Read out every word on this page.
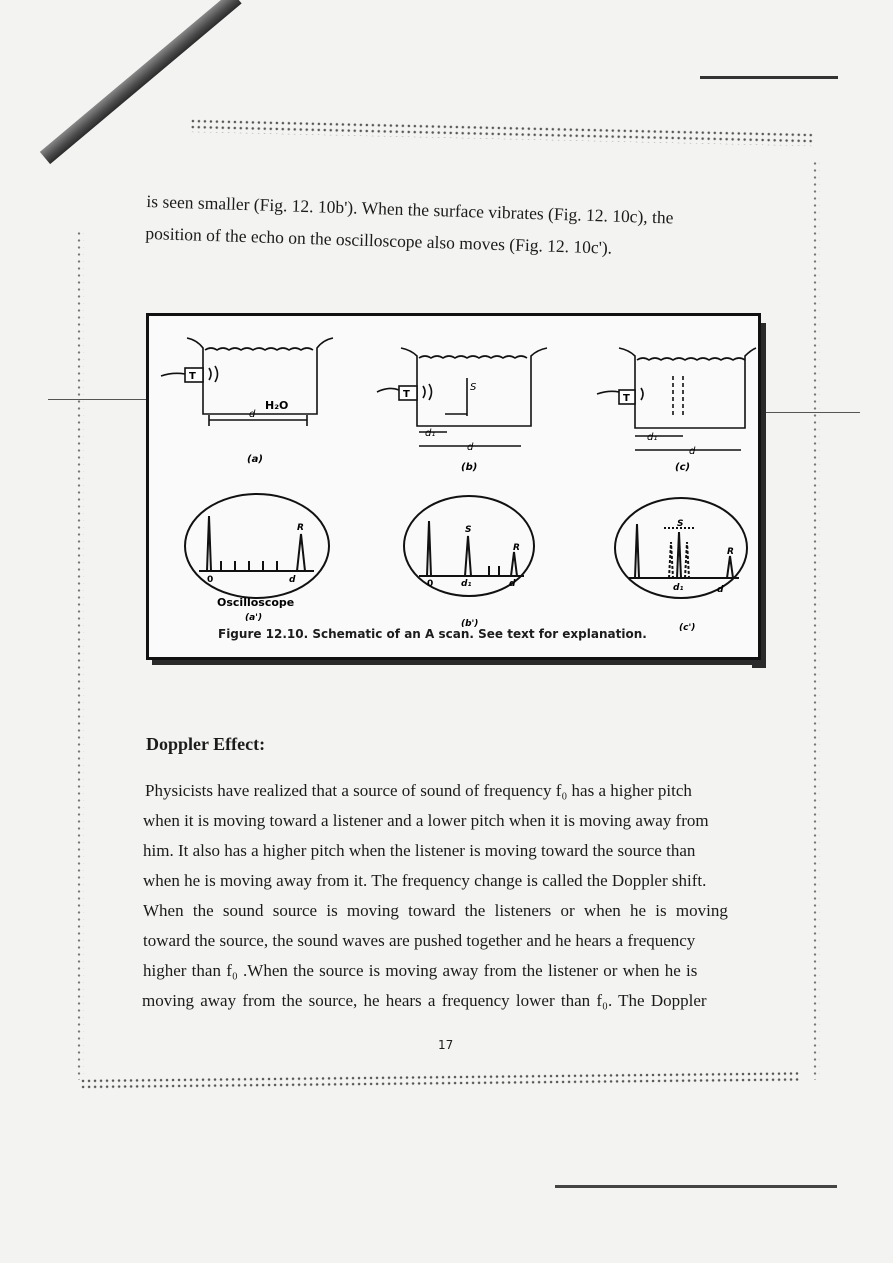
is seen smaller (Fig. 12. 10b'). When the surface vibrates (Fig. 12. 10c), the
position of the echo on the oscilloscope also moves (Fig. 12. 10c').
d
T
H₂O
S
d₁
d
T
d₁
d
T
(a)
(b)	(c)
R
0	d
S
R
0	d₁	d
S
R
d₁	d
Oscilloscope
(a')
(b')	(c')
Figure 12.10. Schematic of an A scan. See text for explanation.
Doppler Effect:
Physicists have realized that a source of sound of frequency f₀ has a higher pitch
when it is moving toward a listener and a lower pitch when it is moving away from
him. It also has a higher pitch when the listener is moving toward the source than
when he is moving away from it. The frequency change is called the Doppler shift.
When the sound source is moving toward the listeners or when he is moving
toward the source, the sound waves are pushed together and he hears a frequency
higher than f₀ .When the source is moving away from the listener or when he is
moving away from the source, he hears a frequency lower than f₀. The Doppler
17
